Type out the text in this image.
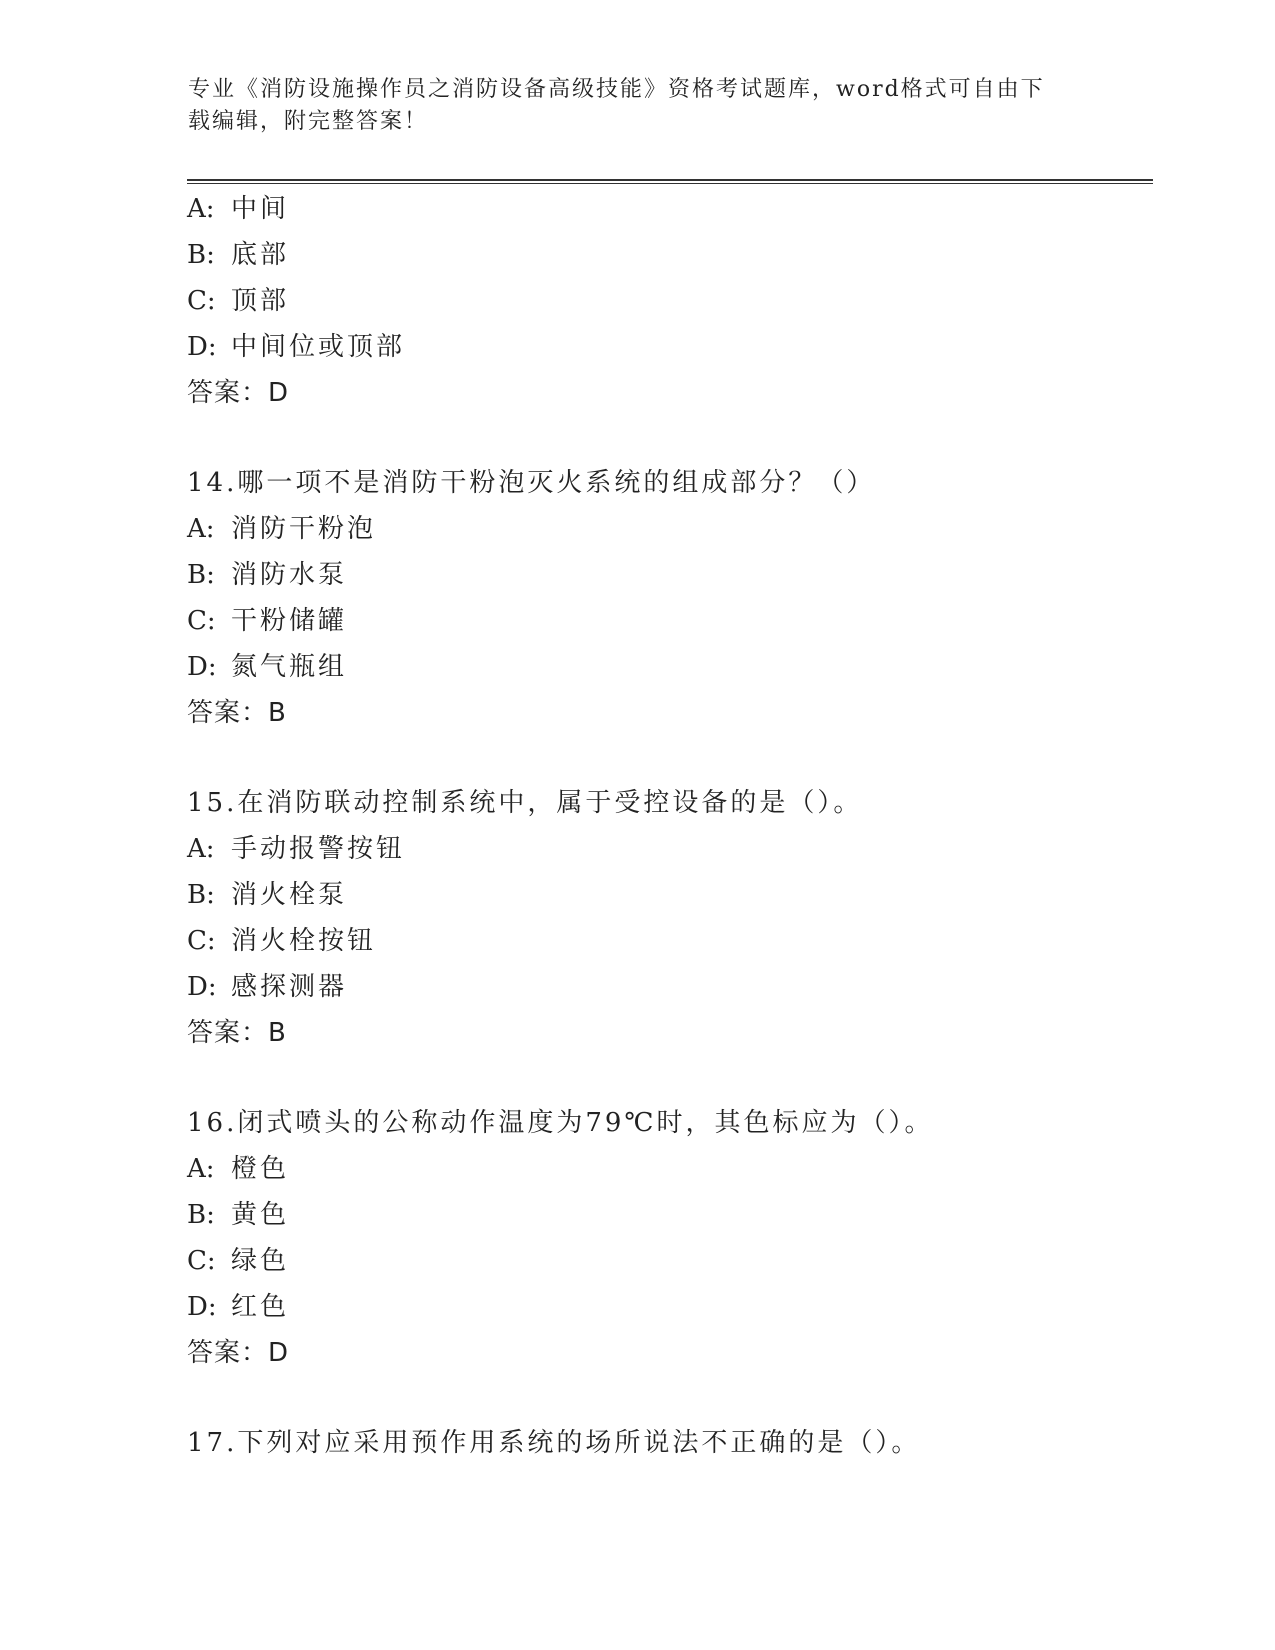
专业《消防设施操作员之消防设备高级技能》资格考试题库，word格式可自由下
载编辑，附完整答案！
A: 中间
B: 底部
C: 顶部
D: 中间位或顶部
答案：D
14.哪一项不是消防干粉泡灭火系统的组成部分？（）
A: 消防干粉泡
B: 消防水泵
C: 干粉储罐
D: 氮气瓶组
答案：B
15.在消防联动控制系统中，属于受控设备的是（）。
A: 手动报警按钮
B: 消火栓泵
C: 消火栓按钮
D: 感探测器
答案：B
16.闭式喷头的公称动作温度为79℃时，其色标应为（）。
A: 橙色
B: 黄色
C: 绿色
D: 红色
答案：D
17.下列对应采用预作用系统的场所说法不正确的是（）。
